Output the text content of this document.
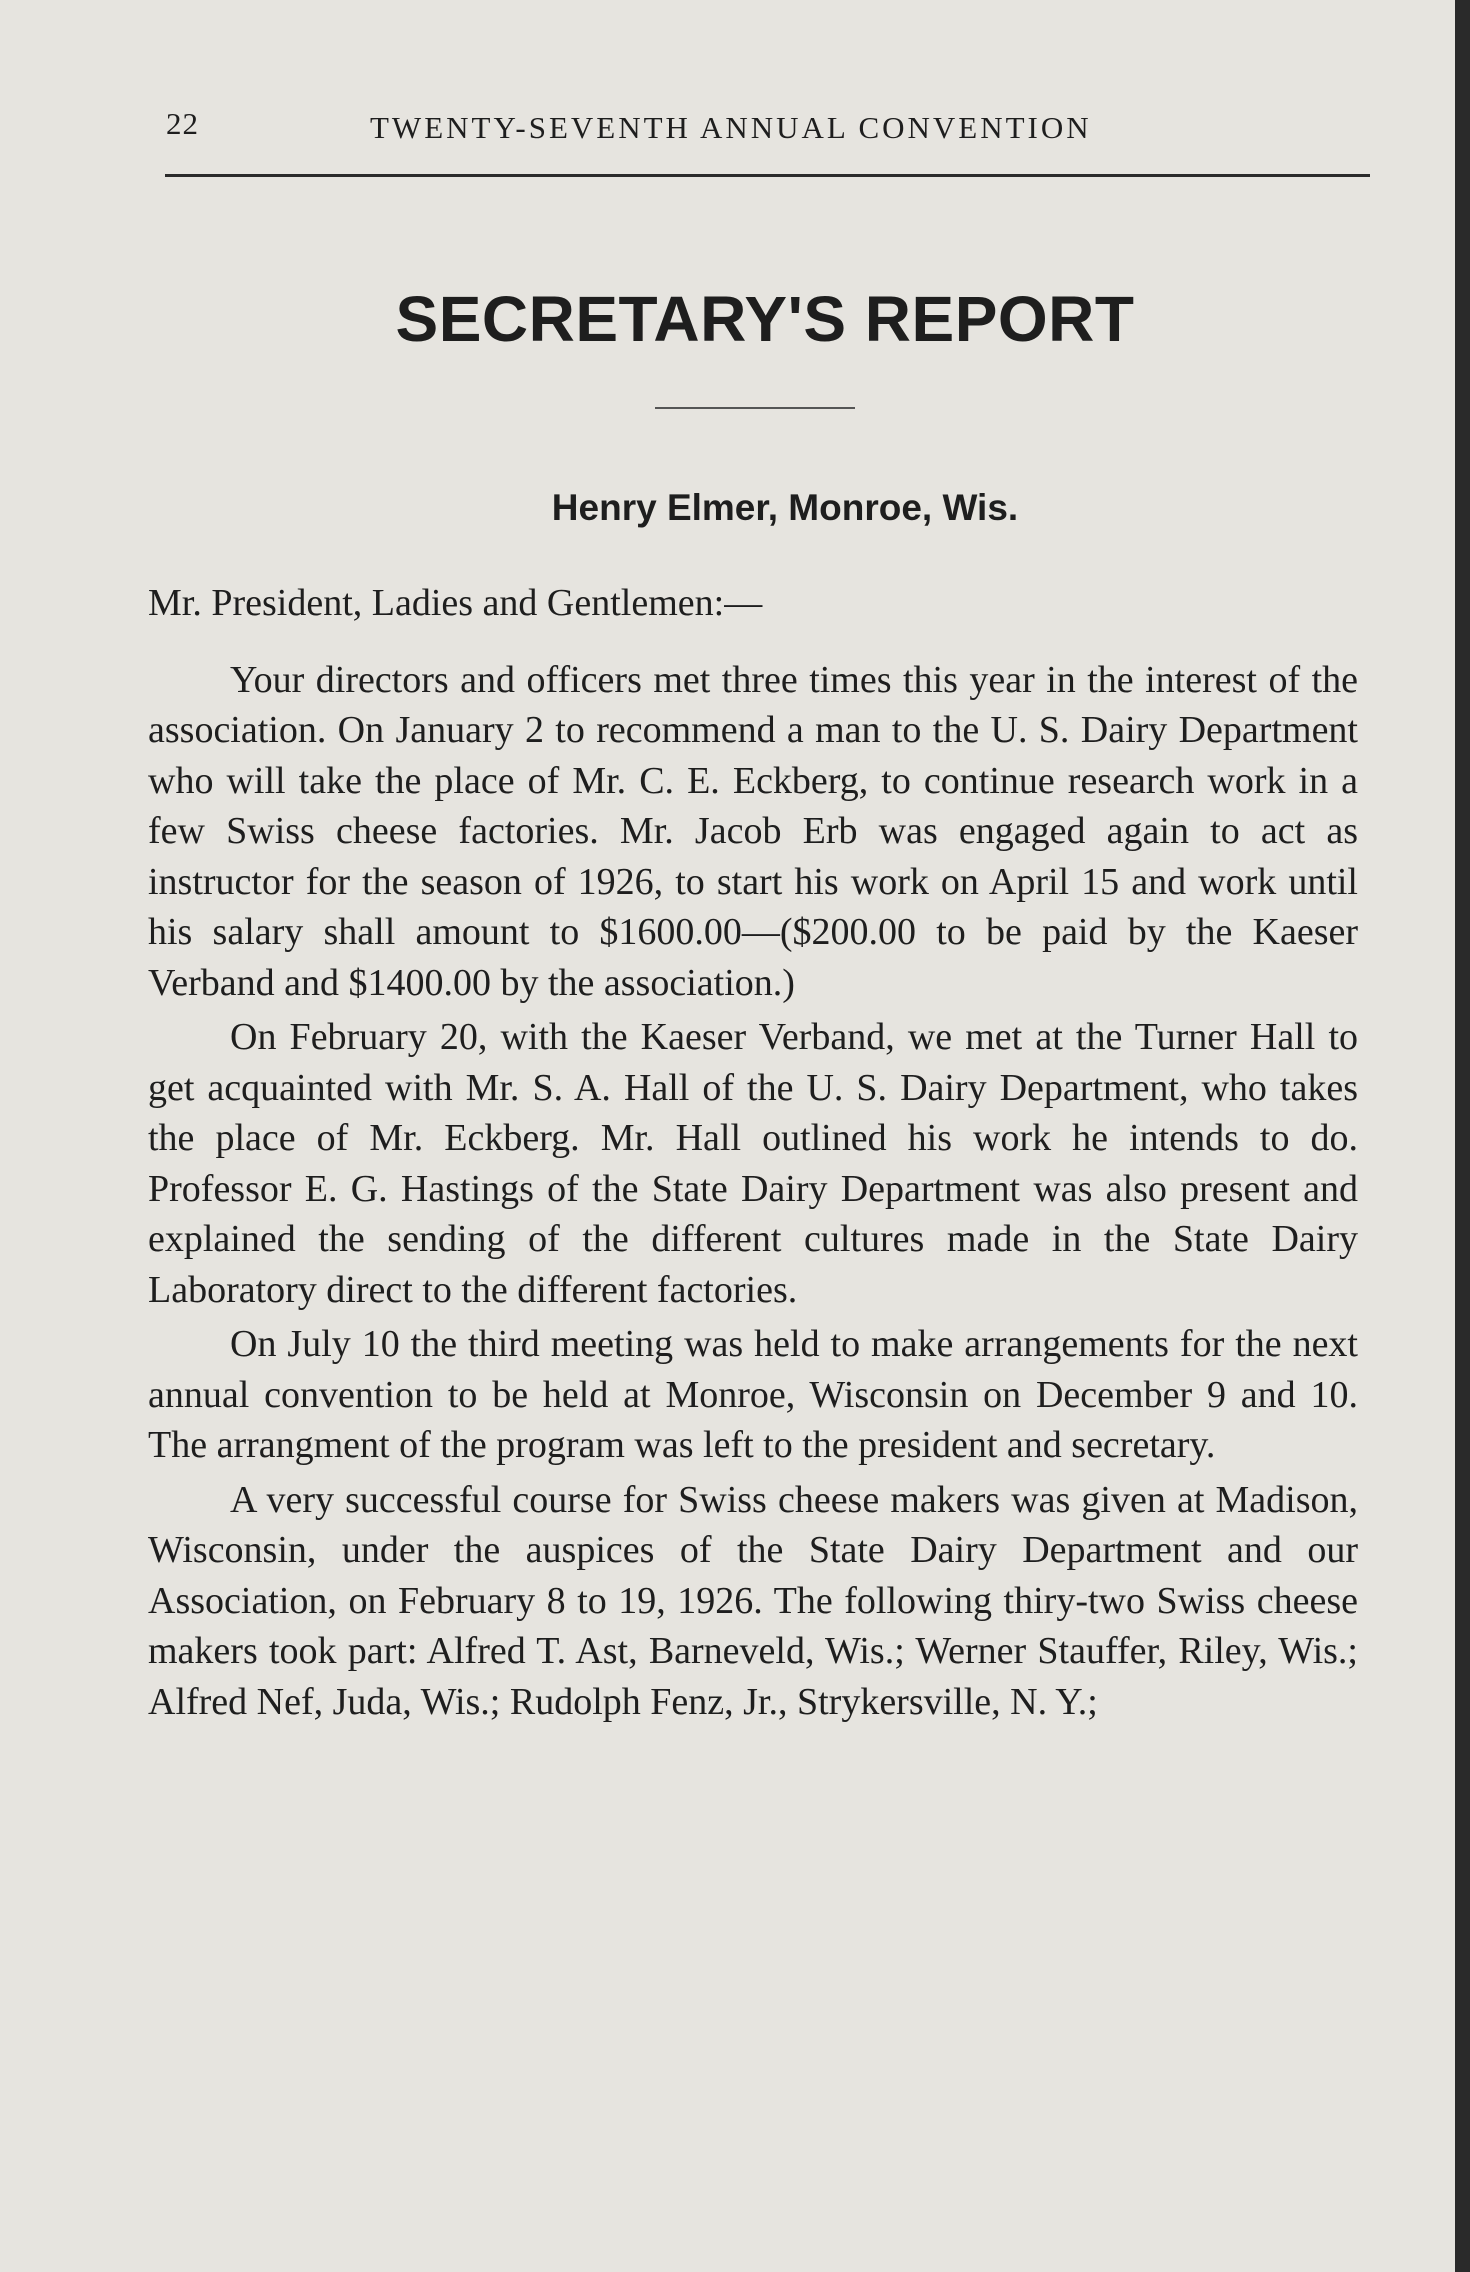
22	TWENTY-SEVENTH ANNUAL CONVENTION
SECRETARY'S REPORT
Henry Elmer, Monroe, Wis.

Mr. President, Ladies and Gentlemen:—

Your directors and officers met three times this year in the interest of the association. On January 2 to recommend a man to the U. S. Dairy Department who will take the place of Mr. C. E. Eckberg, to continue research work in a few Swiss cheese factories. Mr. Jacob Erb was engaged again to act as instructor for the season of 1926, to start his work on April 15 and work until his salary shall amount to $1600.00—($200.00 to be paid by the Kaeser Verband and $1400.00 by the association.)

On February 20, with the Kaeser Verband, we met at the Turner Hall to get acquainted with Mr. S. A. Hall of the U. S. Dairy Department, who takes the place of Mr. Eckberg. Mr. Hall outlined his work he intends to do. Professor E. G. Hastings of the State Dairy Department was also present and explained the sending of the different cultures made in the State Dairy Laboratory direct to the different factories.

On July 10 the third meeting was held to make arrangements for the next annual convention to be held at Monroe, Wisconsin on December 9 and 10. The arrangment of the program was left to the president and secretary.

A very successful course for Swiss cheese makers was given at Madison, Wisconsin, under the auspices of the State Dairy Department and our Association, on February 8 to 19, 1926. The following thiry-two Swiss cheese makers took part: Alfred T. Ast, Barneveld, Wis.; Werner Stauffer, Riley, Wis.; Alfred Nef, Juda, Wis.; Rudolph Fenz, Jr., Strykersville, N. Y.;
